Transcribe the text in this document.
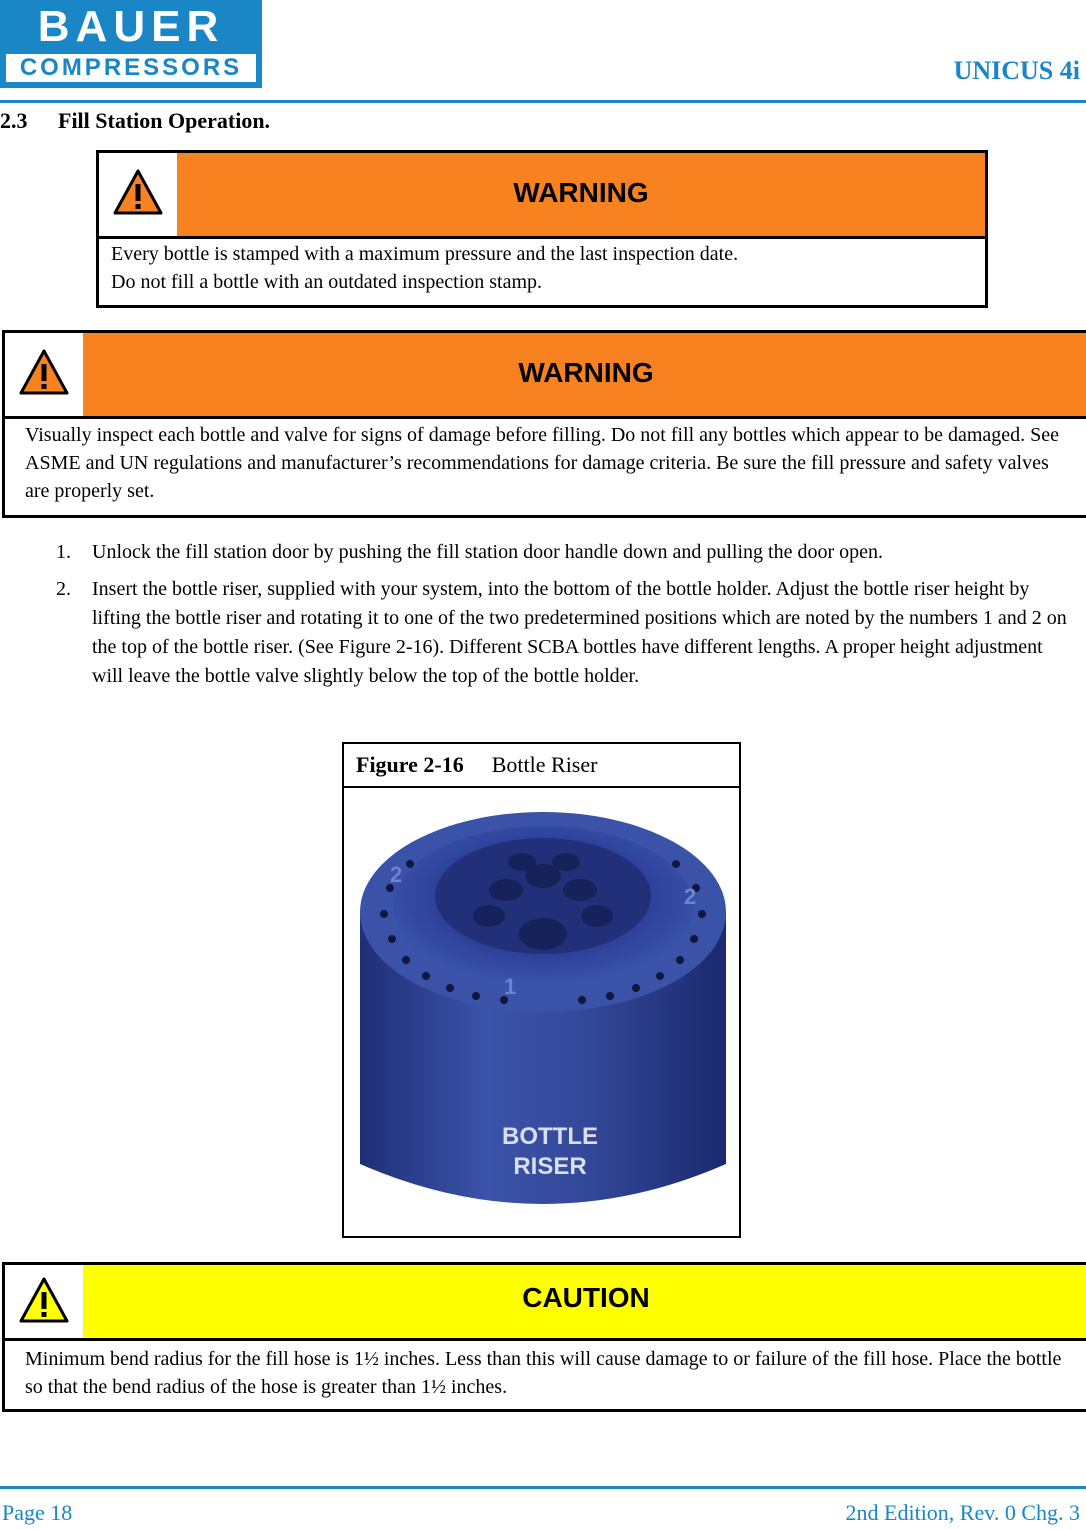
BAUER
COMPRESSORS	UNICUS 4i
2.3 Fill Station Operation.
WARNING
Every bottle is stamped with a maximum pressure and the last inspection date.
Do not fill a bottle with an outdated inspection stamp.
WARNING
Visually inspect each bottle and valve for signs of damage before filling. Do not fill any bottles which appear to be damaged. See ASME and UN regulations and manufacturer’s recommendations for damage criteria. Be sure the fill pressure and safety valves are properly set.
1. Unlock the fill station door by pushing the fill station door handle down and pulling the door open.
2. Insert the bottle riser, supplied with your system, into the bottom of the bottle holder. Adjust the bottle riser height by lifting the bottle riser and rotating it to one of the two predetermined positions which are noted by the numbers 1 and 2 on the top of the bottle riser. (See Figure 2-16). Different SCBA bottles have different lengths. A proper height adjustment will leave the bottle valve slightly below the top of the bottle holder.
Figure 2-16 Bottle Riser
2
2
1
BOTTLE
RISER
CAUTION
Minimum bend radius for the fill hose is 1½ inches. Less than this will cause damage to or failure of the fill hose. Place the bottle so that the bend radius of the hose is greater than 1½ inches.
Page 18	2nd Edition, Rev. 0 Chg. 3
